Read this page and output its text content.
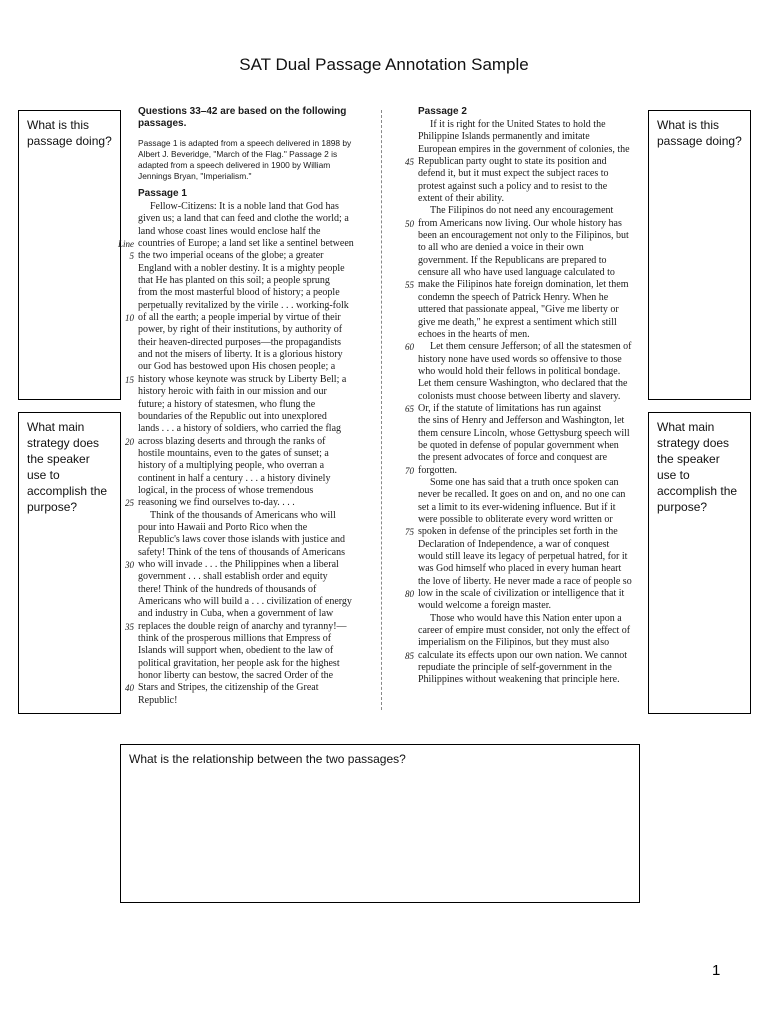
SAT Dual Passage Annotation Sample
What is this passage doing?
What main strategy does the speaker use to accomplish the purpose?
What is this passage doing?
What main strategy does the speaker use to accomplish the purpose?
What is the relationship between the two passages?
Questions 33–42 are based on the following passages.
Passage 1 is adapted from a speech delivered in 1898 by
Albert J. Beveridge, "March of the Flag." Passage 2 is
adapted from a speech delivered in 1900 by William
Jennings Bryan, "Imperialism."
Passage 1
Fellow-Citizens: It is a noble land that God has
given us; a land that can feed and clothe the world; a
land whose coast lines would enclose half the
Line countries of Europe; a land set like a sentinel between
5 the two imperial oceans of the globe; a greater
England with a nobler destiny. It is a mighty people
that He has planted on this soil; a people sprung
from the most masterful blood of history; a people
perpetually revitalized by the virile . . . working-folk
10 of all the earth; a people imperial by virtue of their
power, by right of their institutions, by authority of
their heaven-directed purposes—the propagandists
and not the misers of liberty. It is a glorious history
our God has bestowed upon His chosen people; a
15 history whose keynote was struck by Liberty Bell; a
history heroic with faith in our mission and our
future; a history of statesmen, who flung the
boundaries of the Republic out into unexplored
lands . . . a history of soldiers, who carried the flag
20 across blazing deserts and through the ranks of
hostile mountains, even to the gates of sunset; a
history of a multiplying people, who overran a
continent in half a century . . . a history divinely
logical, in the process of whose tremendous
25 reasoning we find ourselves to-day. . . .
Think of the thousands of Americans who will
pour into Hawaii and Porto Rico when the
Republic's laws cover those islands with justice and
safety! Think of the tens of thousands of Americans
30 who will invade . . . the Philippines when a liberal
government . . . shall establish order and equity
there! Think of the hundreds of thousands of
Americans who will build a . . . civilization of energy
and industry in Cuba, when a government of law
35 replaces the double reign of anarchy and tyranny!—
think of the prosperous millions that Empress of
Islands will support when, obedient to the law of
political gravitation, her people ask for the highest
honor liberty can bestow, the sacred Order of the
40 Stars and Stripes, the citizenship of the Great
Republic!
Passage 2
If it is right for the United States to hold the
Philippine Islands permanently and imitate
European empires in the government of colonies, the
45 Republican party ought to state its position and
defend it, but it must expect the subject races to
protest against such a policy and to resist to the
extent of their ability.
The Filipinos do not need any encouragement
50 from Americans now living. Our whole history has
been an encouragement not only to the Filipinos, but
to all who are denied a voice in their own
government. If the Republicans are prepared to
censure all who have used language calculated to
55 make the Filipinos hate foreign domination, let them
condemn the speech of Patrick Henry. When he
uttered that passionate appeal, "Give me liberty or
give me death," he exprest a sentiment which still
echoes in the hearts of men.
60 Let them censure Jefferson; of all the statesmen of
history none have used words so offensive to those
who would hold their fellows in political bondage.
Let them censure Washington, who declared that the
colonists must choose between liberty and slavery.
65 Or, if the statute of limitations has run against
the sins of Henry and Jefferson and Washington, let
them censure Lincoln, whose Gettysburg speech will
be quoted in defense of popular government when
the present advocates of force and conquest are
70 forgotten.
Some one has said that a truth once spoken can
never be recalled. It goes on and on, and no one can
set a limit to its ever-widening influence. But if it
were possible to obliterate every word written or
75 spoken in defense of the principles set forth in the
Declaration of Independence, a war of conquest
would still leave its legacy of perpetual hatred, for it
was God himself who placed in every human heart
the love of liberty. He never made a race of people so
80 low in the scale of civilization or intelligence that it
would welcome a foreign master.
Those who would have this Nation enter upon a
career of empire must consider, not only the effect of
imperialism on the Filipinos, but they must also
85 calculate its effects upon our own nation. We cannot
repudiate the principle of self-government in the
Philippines without weakening that principle here.
1
